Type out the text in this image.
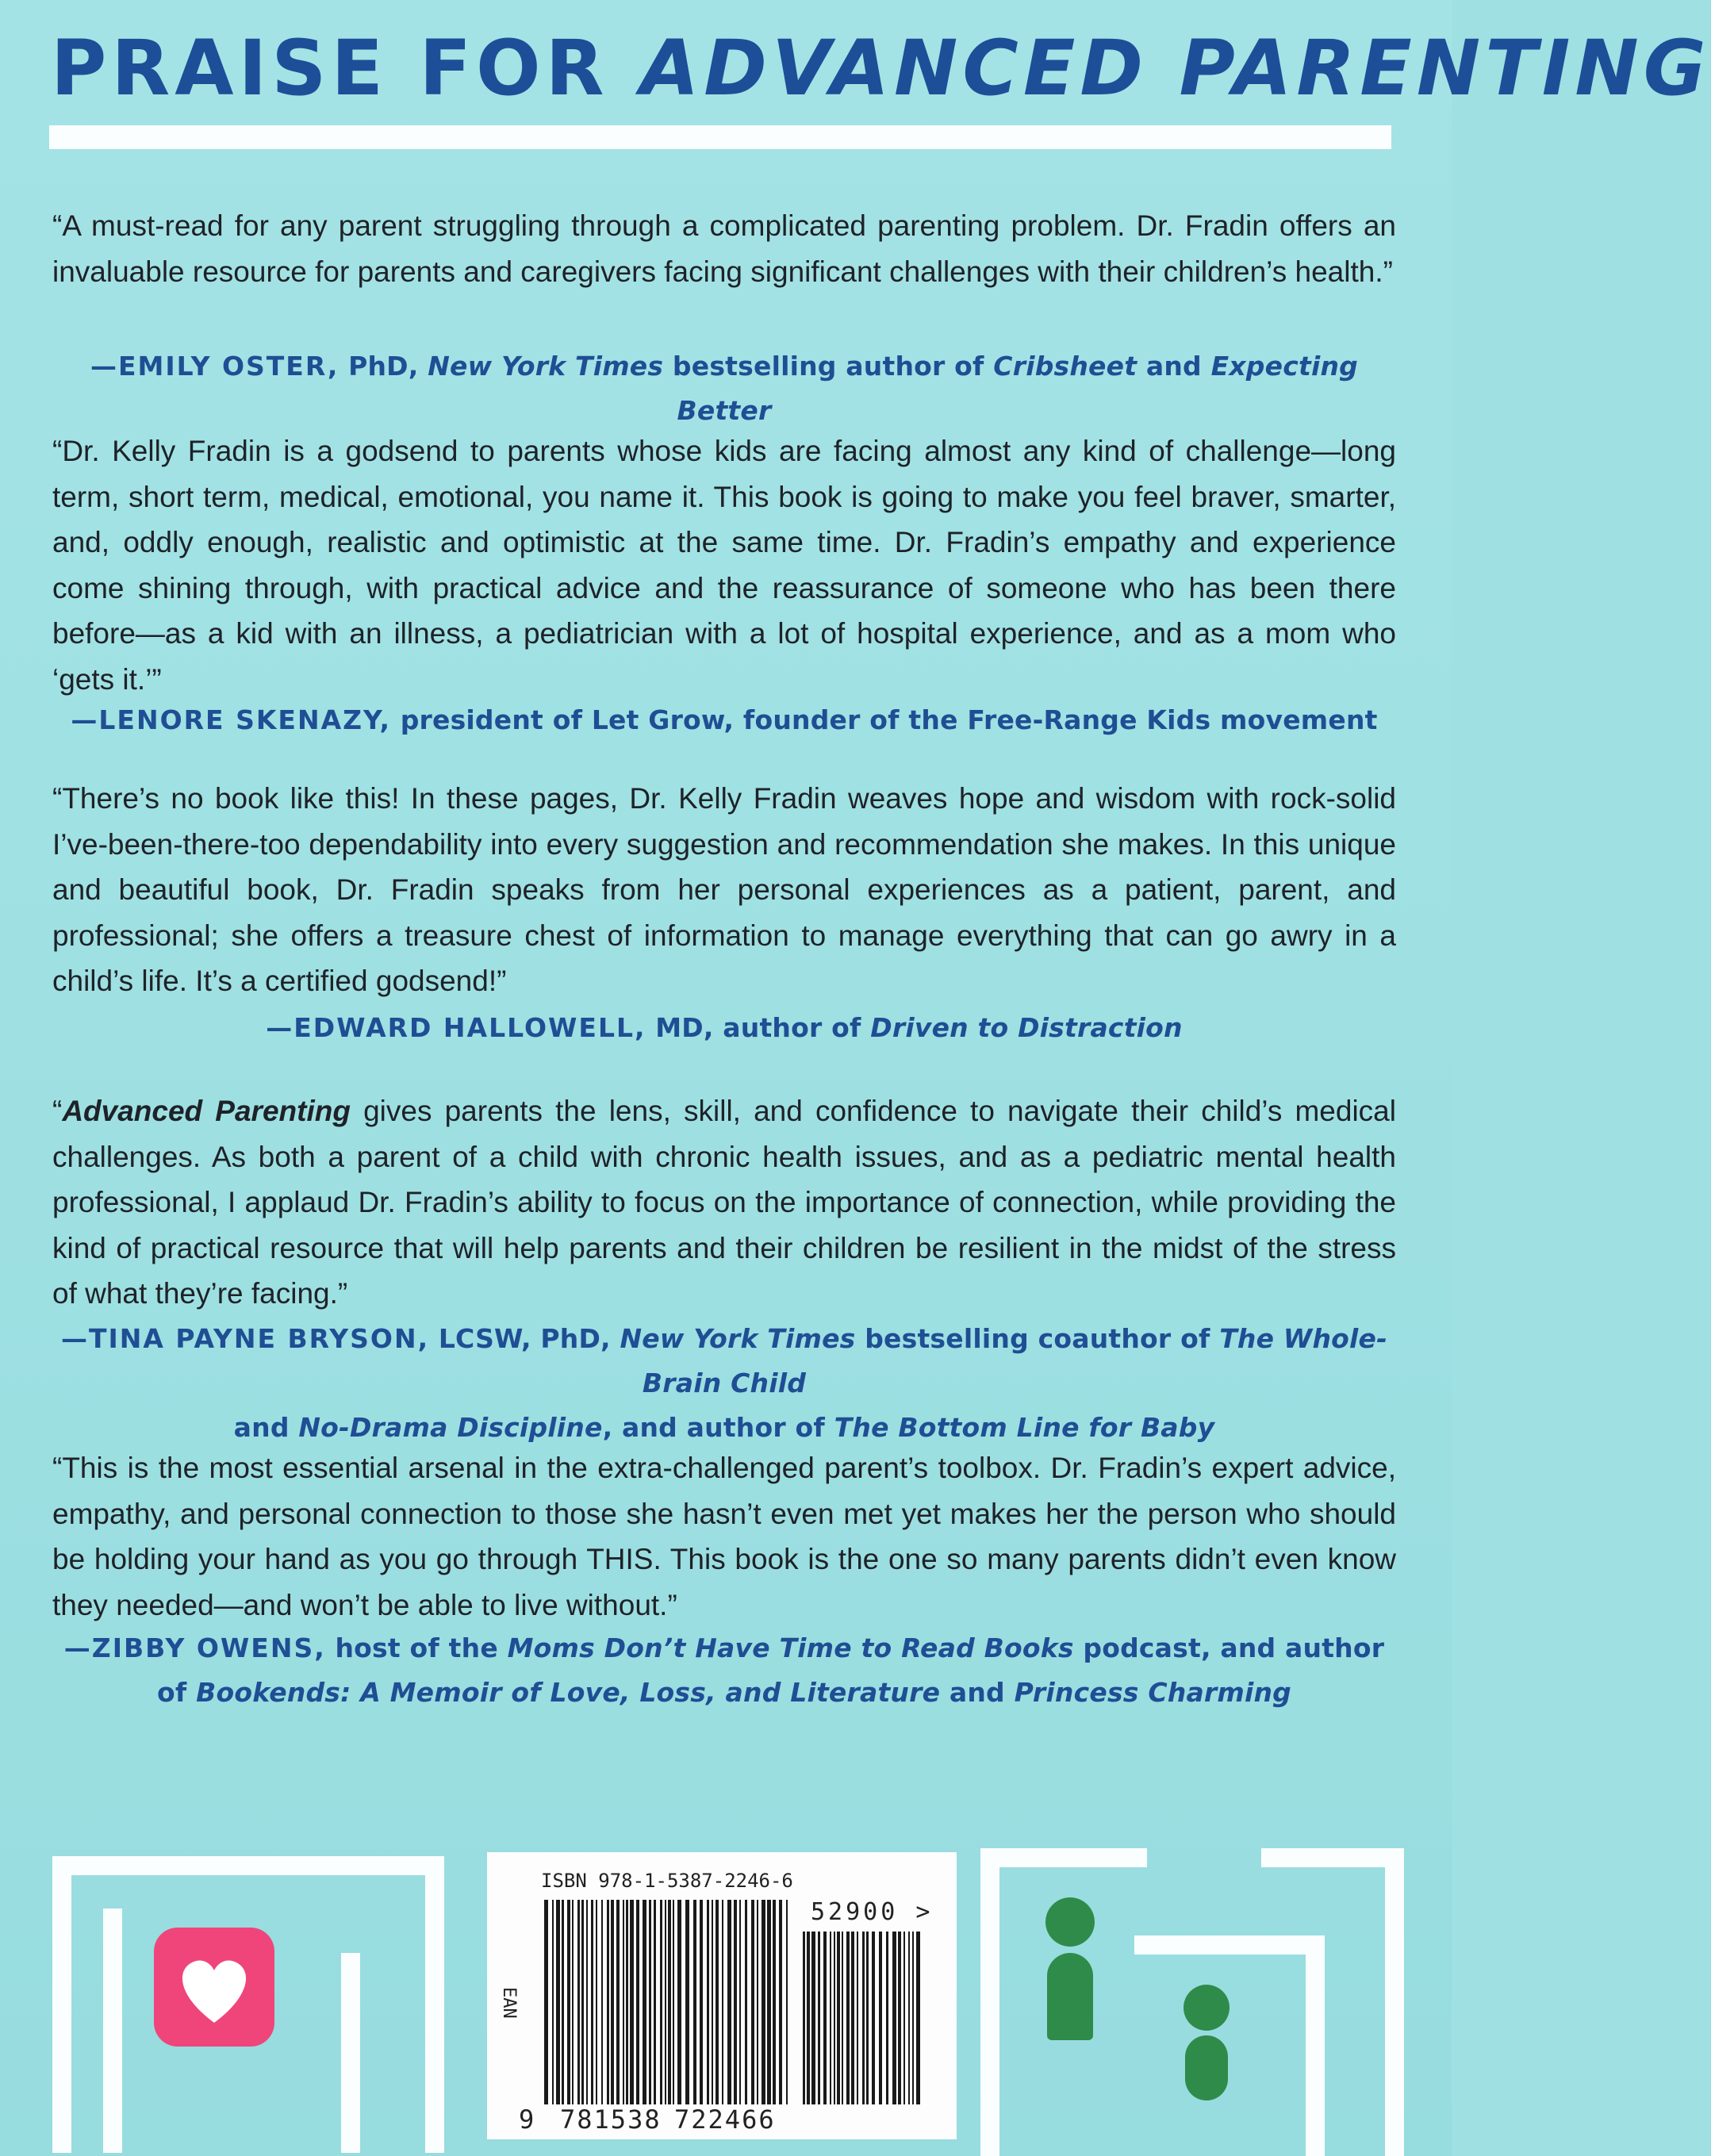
PRAISE FOR ADVANCED PARENTING
“A must-read for any parent struggling through a complicated parenting problem. Dr. Fradin offers an invaluable resource for parents and caregivers facing significant challenges with their children’s health.”
—EMILY OSTER, PhD, New York Times bestselling author of Cribsheet and Expecting Better
“Dr. Kelly Fradin is a godsend to parents whose kids are facing almost any kind of challenge—long term, short term, medical, emotional, you name it. This book is going to make you feel braver, smarter, and, oddly enough, realistic and optimistic at the same time. Dr. Fradin’s empathy and experience come shining through, with practical advice and the reassurance of someone who has been there before—as a kid with an illness, a pediatrician with a lot of hospital experience, and as a mom who ‘gets it.’”
—LENORE SKENAZY, president of Let Grow, founder of the Free-Range Kids movement
“There’s no book like this! In these pages, Dr. Kelly Fradin weaves hope and wisdom with rock-solid I’ve-been-there-too dependability into every suggestion and recommendation she makes. In this unique and beautiful book, Dr. Fradin speaks from her personal experiences as a patient, parent, and professional; she offers a treasure chest of information to manage everything that can go awry in a child’s life. It’s a certified godsend!”
—EDWARD HALLOWELL, MD, author of Driven to Distraction
“Advanced Parenting gives parents the lens, skill, and confidence to navigate their child’s medical challenges. As both a parent of a child with chronic health issues, and as a pediatric mental health professional, I applaud Dr. Fradin’s ability to focus on the importance of connection, while providing the kind of practical resource that will help parents and their children be resilient in the midst of the stress of what they’re facing.”
—TINA PAYNE BRYSON, LCSW, PhD, New York Times bestselling coauthor of The Whole-Brain Child
and No-Drama Discipline, and author of The Bottom Line for Baby
“This is the most essential arsenal in the extra-challenged parent’s toolbox. Dr. Fradin’s expert advice, empathy, and personal connection to those she hasn’t even met yet makes her the person who should be holding your hand as you go through THIS. This book is the one so many parents didn’t even know they needed—and won’t be able to live without.”
—ZIBBY OWENS, host of the Moms Don’t Have Time to Read Books podcast, and author
of Bookends: A Memoir of Love, Loss, and Literature and Princess Charming
ISBN 978-1-5387-2246-6
EAN
52900 >
9 781538 722466
